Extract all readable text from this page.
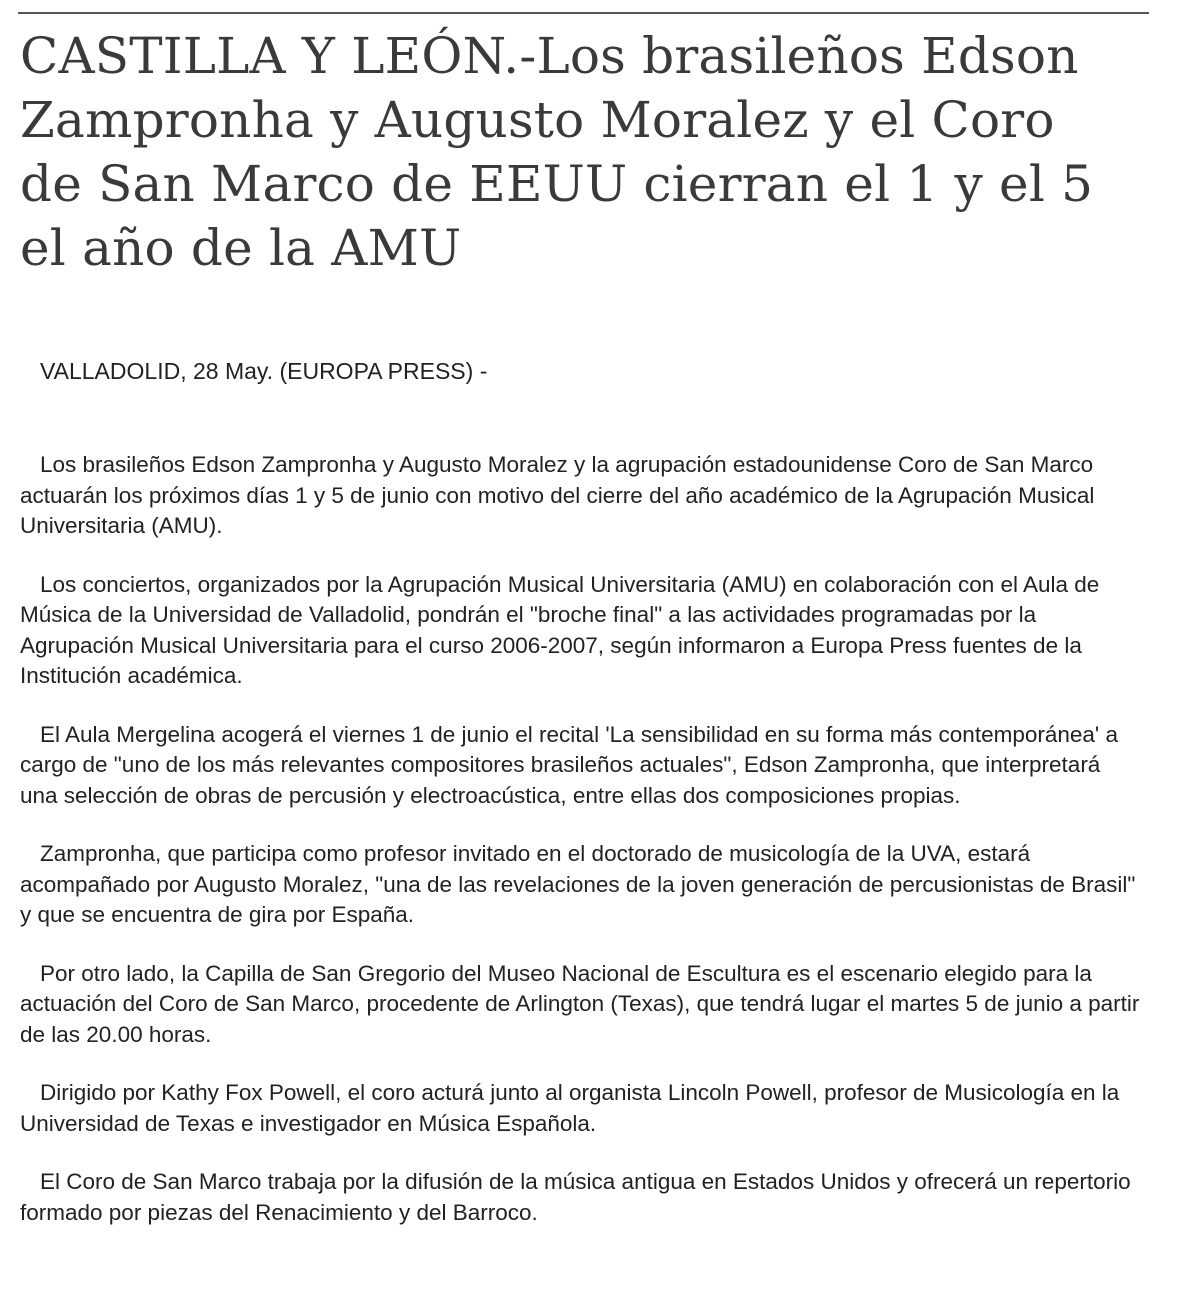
CASTILLA Y LEÓN.-Los brasileños Edson Zampronha y Augusto Moralez y el Coro de San Marco de EEUU cierran el 1 y el 5 el año de la AMU

VALLADOLID, 28 May. (EUROPA PRESS) -

Los brasileños Edson Zampronha y Augusto Moralez y la agrupación estadounidense Coro de San Marco actuarán los próximos días 1 y 5 de junio con motivo del cierre del año académico de la Agrupación Musical Universitaria (AMU).

Los conciertos, organizados por la Agrupación Musical Universitaria (AMU) en colaboración con el Aula de Música de la Universidad de Valladolid, pondrán el "broche final" a las actividades programadas por la Agrupación Musical Universitaria para el curso 2006-2007, según informaron a Europa Press fuentes de la Institución académica.

El Aula Mergelina acogerá el viernes 1 de junio el recital 'La sensibilidad en su forma más contemporánea' a cargo de "uno de los más relevantes compositores brasileños actuales", Edson Zampronha, que interpretará una selección de obras de percusión y electroacústica, entre ellas dos composiciones propias.

Zampronha, que participa como profesor invitado en el doctorado de musicología de la UVA, estará acompañado por Augusto Moralez, "una de las revelaciones de la joven generación de percusionistas de Brasil" y que se encuentra de gira por España.

Por otro lado, la Capilla de San Gregorio del Museo Nacional de Escultura es el escenario elegido para la actuación del Coro de San Marco, procedente de Arlington (Texas), que tendrá lugar el martes 5 de junio a partir de las 20.00 horas.

Dirigido por Kathy Fox Powell, el coro acturá junto al organista Lincoln Powell, profesor de Musicología en la Universidad de Texas e investigador en Música Española.

El Coro de San Marco trabaja por la difusión de la música antigua en Estados Unidos y ofrecerá un repertorio formado por piezas del Renacimiento y del Barroco.
